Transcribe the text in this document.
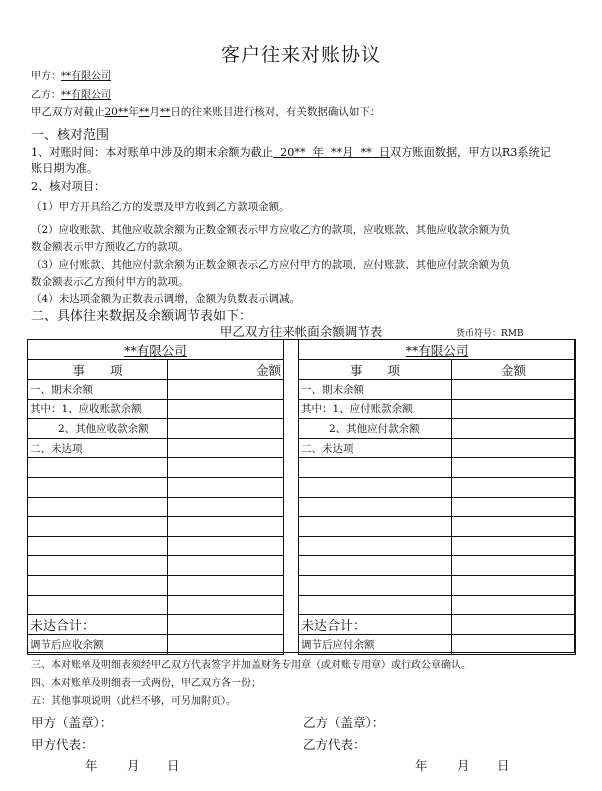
客户往来对账协议
甲方：**有限公司
乙方：**有限公司
甲乙双方对截止20**年**月**日的往来账目进行核对，有关数据确认如下：
一、核对范围
1、对账时间：本对账单中涉及的期末余额为截止  20**  年  **月  **  日双方账面数据，甲方以R3系统记
账日期为准。
2、核对项目：
（1）甲方开具给乙方的发票及甲方收到乙方款项金额。
（2）应收账款、其他应收款余额为正数金额表示甲方应收乙方的款项，应收账款、其他应收款余额为负
数金额表示甲方预收乙方的款项。
（3）应付账款、其他应付款余额为正数金额表示乙方应付甲方的款项，应付账款、其他应付款余额为负
数金额表示乙方预付甲方的款项。
（4）未达项金额为正数表示调增，金额为负数表示调减。
二、具体往来数据及余额调节表如下：
甲乙双方往来帐面余额调节表	货币符号：RMB
**有限公司	
事　　项	金额
一、期末余额	
其中：1、应收账款余额	
2、其他应收款余额	
二、未达项	

未达合计：	
调节后应收余额	
**有限公司	
事　　项	金额
一、期末余额	
其中：1、应付账款余额	
2、其他应付款余额	
二、未达项	

未达合计：	
调节后应付余额	
三、本对账单及明细表须经甲乙双方代表签字并加盖财务专用章（或对账专用章）或行政公章确认。
四、本对账单及明细表一式两份，甲乙双方各一份；
五：其他事项说明（此栏不够，可另加附页）。
甲方（盖章）：	乙方（盖章）：
甲方代表：	乙方代表：
年 月 日	年 月 日
